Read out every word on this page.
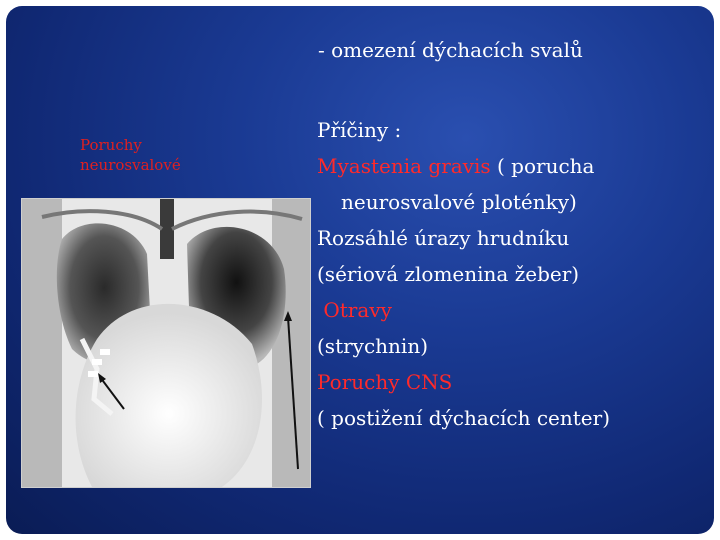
- omezení dýchacích svalů
Poruchy
neurosvalové
Příčiny :
Myastenia gravis ( porucha
neurosvalové ploténky)
Rozsáhlé úrazy hrudníku
(sériová zlomenina žeber)
Otravy
(strychnin)
Poruchy CNS
( postižení dýchacích center)
